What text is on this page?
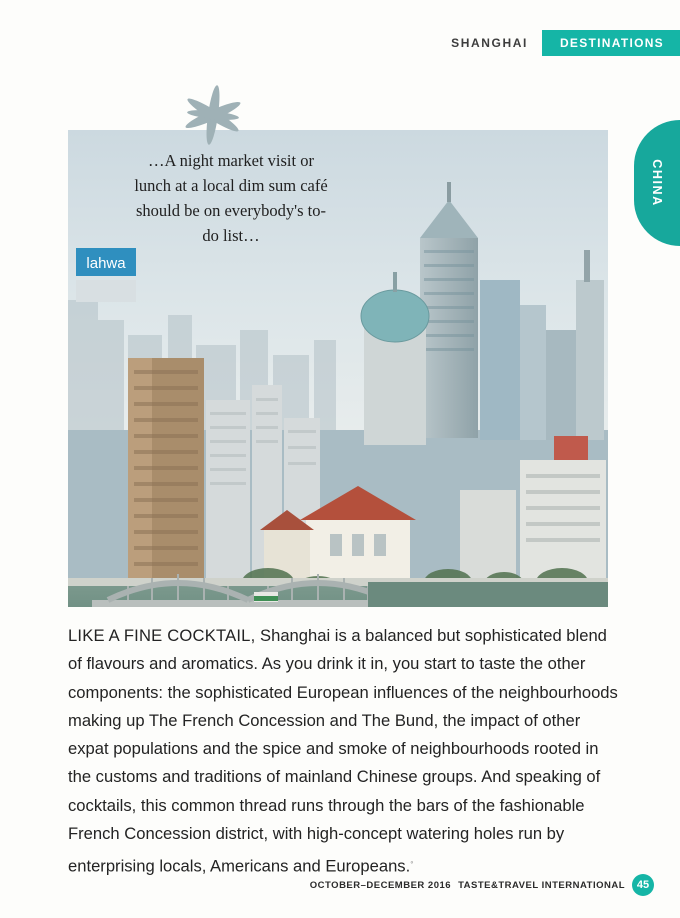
SHANGHAI	DESTINATIONS
CHINA
lahwa
…A night market visit or lunch at a local dim sum café should be on everybody's to-do list…
LIKE A FINE COCKTAIL, Shanghai is a balanced but sophisticated blend of flavours and aromatics. As you drink it in, you start to taste the other components: the sophisticated European influences of the neighbourhoods making up The French Concession and The Bund, the impact of other expat populations and the spice and smoke of neighbourhoods rooted in the customs and traditions of mainland Chinese groups. And speaking of cocktails, this common thread runs through the bars of the fashionable French Concession district, with high-concept watering holes run by enterprising locals, Americans and Europeans.◦
OCTOBER–DECEMBER 2016 TASTE&TRAVEL INTERNATIONAL	45
